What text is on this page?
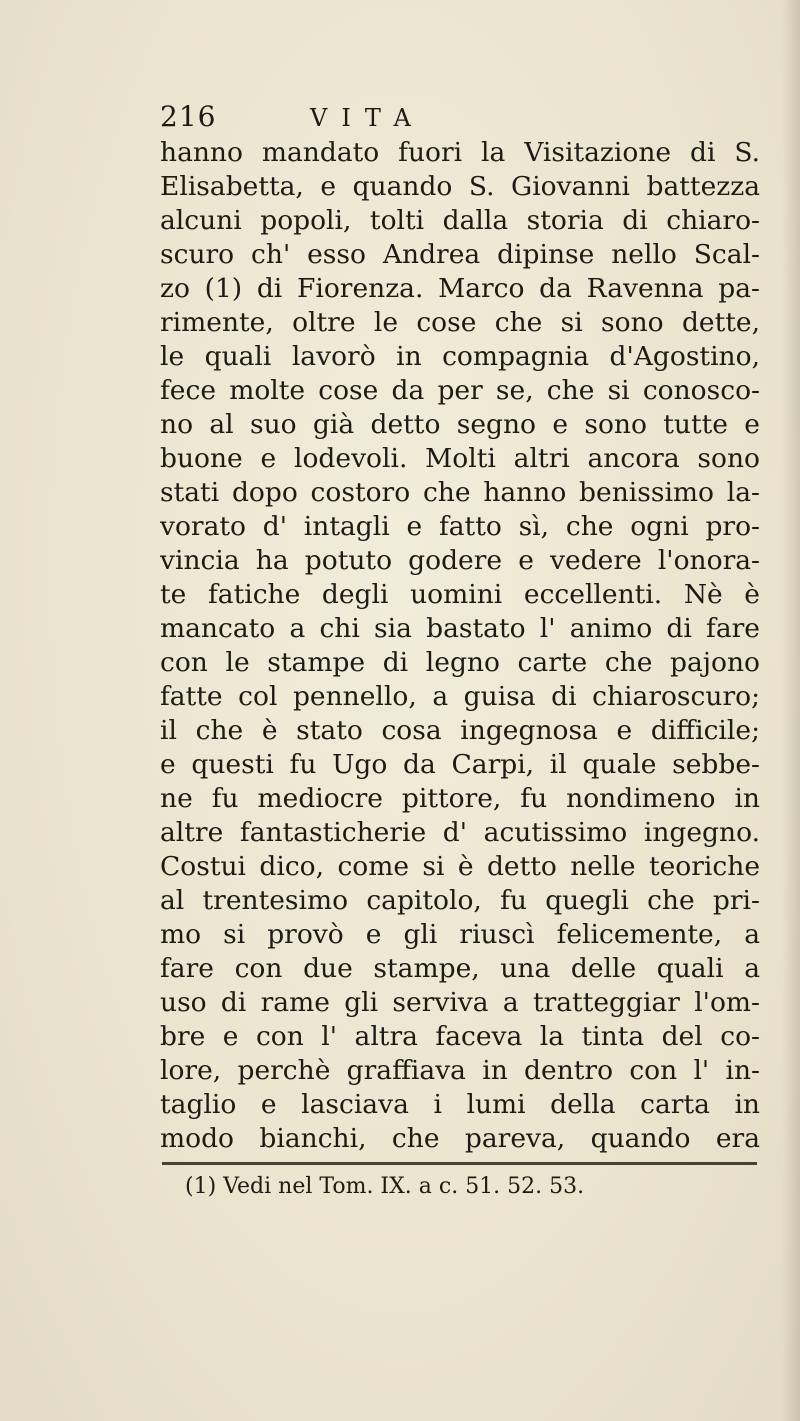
216	VITA
hanno mandato fuori la Visitazione di S.
Elisabetta, e quando S. Giovanni battezza
alcuni popoli, tolti dalla storia di chiaro-
scuro ch' esso Andrea dipinse nello Scal-
zo (1) di Fiorenza. Marco da Ravenna pa-
rimente, oltre le cose che si sono dette,
le quali lavorò in compagnia d'Agostino,
fece molte cose da per se, che si conosco-
no al suo già detto segno e sono tutte e
buone e lodevoli. Molti altri ancora sono
stati dopo costoro che hanno benissimo la-
vorato d' intagli e fatto sì, che ogni pro-
vincia ha potuto godere e vedere l'onora-
te fatiche degli uomini eccellenti. Nè è
mancato a chi sia bastato l' animo di fare
con le stampe di legno carte che pajono
fatte col pennello, a guisa di chiaroscuro;
il che è stato cosa ingegnosa e difficile;
e questi fu Ugo da Carpi, il quale sebbe-
ne fu mediocre pittore, fu nondimeno in
altre fantasticherie d' acutissimo ingegno.
Costui dico, come si è detto nelle teoriche
al trentesimo capitolo, fu quegli che pri-
mo si provò e gli riuscì felicemente, a
fare con due stampe, una delle quali a
uso di rame gli serviva a tratteggiar l'om-
bre e con l' altra faceva la tinta del co-
lore, perchè graffiava in dentro con l' in-
taglio e lasciava i lumi della carta in
modo bianchi, che pareva, quando era
(1) Vedi nel Tom. IX. a c. 51. 52. 53.
